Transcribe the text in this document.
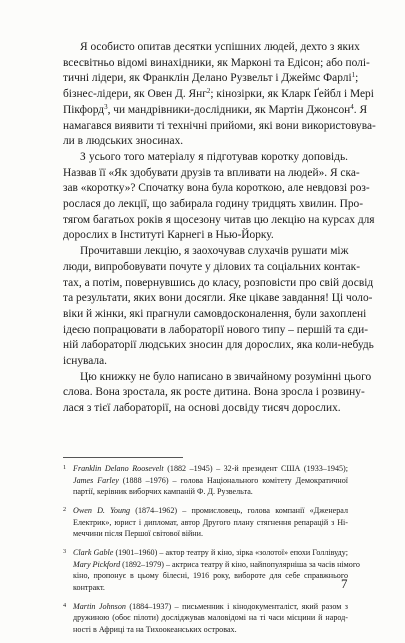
Я особисто опитав десятки успішних людей, дехто з яких
всесвітньо відомі винахідники, як Марконі та Едісон; або полі-
тичні лідери, як Франклін Делано Рузвельт і Джеймс Фарлі$^1$;
бізнес-лідери, як Овен Д. Янг$^2$; кінозірки, як Кларк Ґейбл і Мері
Пікфорд$^3$, чи мандрівники-дослідники, як Мартін Джонсон$^4$. Я
намагався виявити ті технічні прийоми, які вони використовува-
ли в людських зносинах.

З усього того матеріалу я підготував коротку доповідь.
Назвав її «Як здобувати друзів та впливати на людей». Я ска-
зав «коротку»? Спочатку вона була короткою, але невдовзі роз-
рослася до лекції, що забирала годину тридцять хвилин. Про-
тягом багатьох років я щосезону читав цю лекцію на курсах для
дорослих в Інституті Карнегі в Нью-Йорку.

Прочитавши лекцію, я заохочував слухачів рушати між
люди, випробовувати почуте у ділових та соціальних контак-
тах, а потім, повернувшись до класу, розповісти про свій досвід
та результати, яких вони досягли. Яке цікаве завдання! Ці чоло-
віки й жінки, які прагнули самовдосконалення, були захоплені
ідеєю попрацювати в лабораторії нового типу – першій та єди-
ній лабораторії людських зносин для дорослих, яка коли-небудь
існувала.

Цю книжку не було написано в звичайному розумінні цього
слова. Вона зростала, як росте дитина. Вона зросла і розвину-
лася з тієї лабораторії, на основі досвіду тисяч дорослих.

1 Franklin Delano Roosevelt (1882 –1945) – 32-й президент США (1933–1945);
James Farley (1888 –1976) – голова Національного комітету Демократичної
партії, керівник виборчих кампаній Ф. Д. Рузвельта.
2 Owen D. Young (1874–1962) – промисловець, голова компанії «Дженерал
Електрик», юрист і дипломат, автор Другого плану стягнення репарацій з Ні-
меччини після Першої світової війни.
3 Clark Gable (1901–1960) – актор театру й кіно, зірка «золотої» епохи Голлівуду;
Mary Pickford (1892–1979) – актриса театру й кіно, найпопулярніша за часів німого
кіно, пропонує в цьому білесні, 1916 року, вибороте для себе справжнього
контракт.
4 Martin Johnson (1884–1937) – письменник і кінодокументаліст, який разом з
дружиною (обоє пілоти) досліджував маловідомі на ті часи місцини й народ-
ності в Африці та на Тихоокеанських островах.
7
